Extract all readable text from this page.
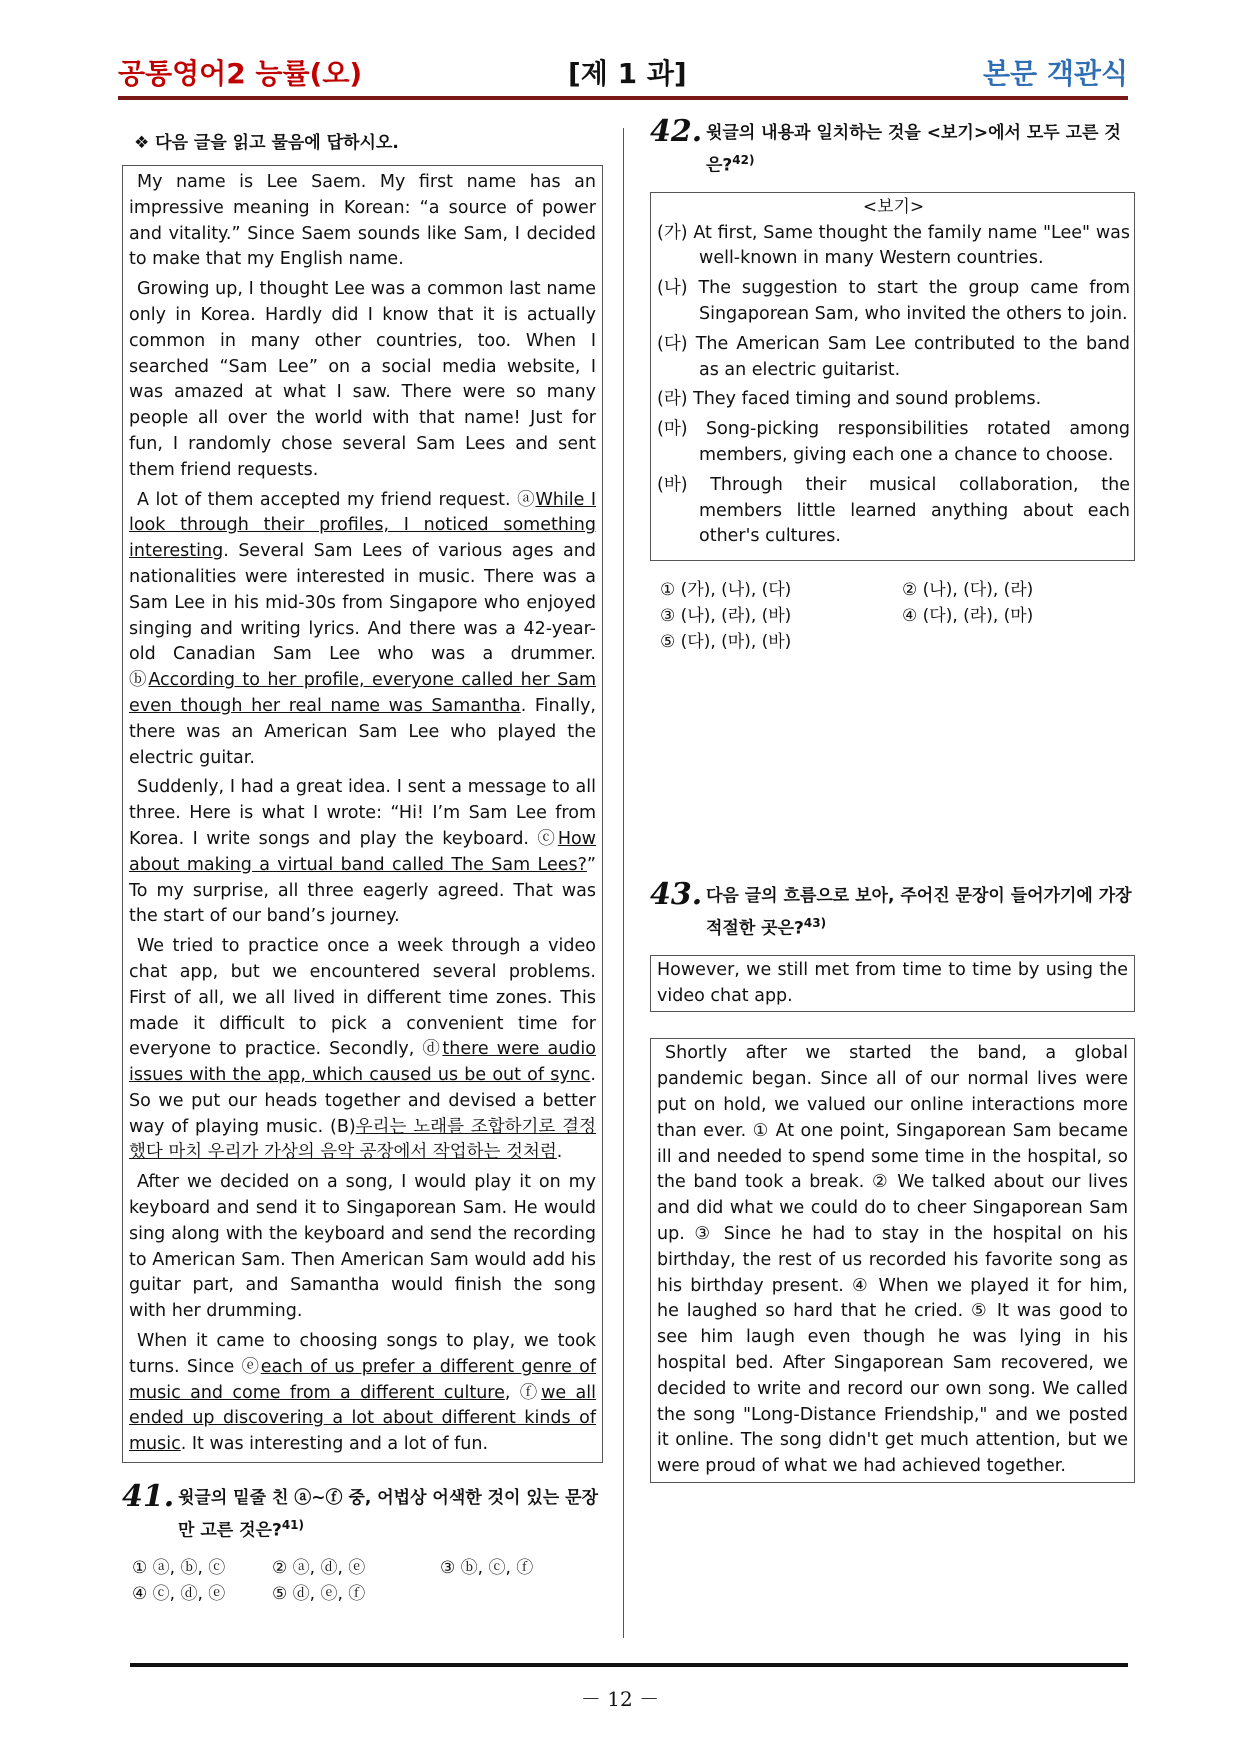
공통영어2 능률(오)	[제 1 과]	본문 객관식
❖ 다음 글을 읽고 물음에 답하시오.

My name is Lee Saem. My first name has an impressive meaning in Korean: “a source of power and vitality.” Since Saem sounds like Sam, I decided to make that my English name.

Growing up, I thought Lee was a common last name only in Korea. Hardly did I know that it is actually common in many other countries, too. When I searched “Sam Lee” on a social media website, I was amazed at what I saw. There were so many people all over the world with that name! Just for fun, I randomly chose several Sam Lees and sent them friend requests.

A lot of them accepted my friend request. ⓐWhile I look through their profiles, I noticed something interesting. Several Sam Lees of various ages and nationalities were interested in music. There was a Sam Lee in his mid-30s from Singapore who enjoyed singing and writing lyrics. And there was a 42-year-old Canadian Sam Lee who was a drummer. ⓑAccording to her profile, everyone called her Sam even though her real name was Samantha. Finally, there was an American Sam Lee who played the electric guitar.

Suddenly, I had a great idea. I sent a message to all three. Here is what I wrote: “Hi! I’m Sam Lee from Korea. I write songs and play the keyboard. ⓒHow about making a virtual band called The Sam Lees?” To my surprise, all three eagerly agreed. That was the start of our band’s journey.

We tried to practice once a week through a video chat app, but we encountered several problems. First of all, we all lived in different time zones. This made it difficult to pick a convenient time for everyone to practice. Secondly, ⓓthere were audio issues with the app, which caused us be out of sync. So we put our heads together and devised a better way of playing music. (B)우리는 노래를 조합하기로 결정했다 마치 우리가 가상의 음악 공장에서 작업하는 것처럼.

After we decided on a song, I would play it on my keyboard and send it to Singaporean Sam. He would sing along with the keyboard and send the recording to American Sam. Then American Sam would add his guitar part, and Samantha would finish the song with her drumming.

When it came to choosing songs to play, we took turns. Since ⓔeach of us prefer a different genre of music and come from a different culture, ⓕwe all ended up discovering a lot about different kinds of music. It was interesting and a lot of fun.

41. 윗글의 밑줄 친 ⓐ~ⓕ 중, 어법상 어색한 것이 있는 문장만 고른 것은?$^{41)}$
① ⓐ, ⓑ, ⓒ	② ⓐ, ⓓ, ⓔ	③ ⓑ, ⓒ, ⓕ
④ ⓒ, ⓓ, ⓔ	⑤ ⓓ, ⓔ, ⓕ
42. 윗글의 내용과 일치하는 것을 <보기>에서 모두 고른 것은?$^{42)}$
<보기>
(가) At first, Same thought the family name "Lee" was well-known in many Western countries.
(나) The suggestion to start the group came from Singaporean Sam, who invited the others to join.
(다) The American Sam Lee contributed to the band as an electric guitarist.
(라) They faced timing and sound problems.
(마) Song-picking responsibilities rotated among members, giving each one a chance to choose.
(바) Through their musical collaboration, the members little learned anything about each other's cultures.
① (가), (나), (다)	② (나), (다), (라)
③ (나), (라), (바)	④ (다), (라), (마)
⑤ (다), (마), (바)
43. 다음 글의 흐름으로 보아, 주어진 문장이 들어가기에 가장 적절한 곳은?$^{43)}$
However, we still met from time to time by using the video chat app.
Shortly after we started the band, a global pandemic began. Since all of our normal lives were put on hold, we valued our online interactions more than ever. ① At one point, Singaporean Sam became ill and needed to spend some time in the hospital, so the band took a break. ② We talked about our lives and did what we could do to cheer Singaporean Sam up. ③ Since he had to stay in the hospital on his birthday, the rest of us recorded his favorite song as his birthday present. ④ When we played it for him, he laughed so hard that he cried. ⑤ It was good to see him laugh even though he was lying in his hospital bed. After Singaporean Sam recovered, we decided to write and record our own song. We called the song "Long-Distance Friendship," and we posted it online. The song didn't get much attention, but we were proud of what we had achieved together.
－ 12 －
